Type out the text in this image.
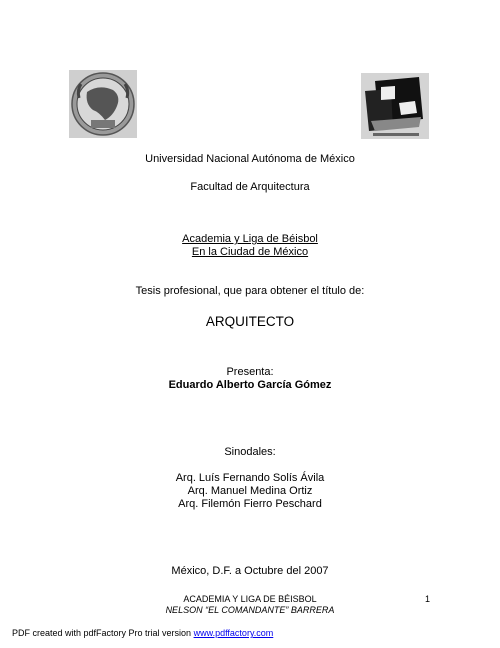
Universidad Nacional Autónoma de México
Facultad de Arquitectura
Academia y Liga de Béisbol
En la Ciudad de México
Tesis profesional, que para obtener el título de:
ARQUITECTO
Presenta:
Eduardo Alberto García Gómez
Sinodales:
Arq. Luís Fernando Solís Ávila
Arq. Manuel Medina Ortiz
Arq. Filemón Fierro Peschard
México, D.F. a Octubre del 2007
ACADEMIA Y LIGA DE BÉISBOL
NELSON “EL COMANDANTE” BARRERA
1
PDF created with pdfFactory Pro trial version www.pdffactory.com
